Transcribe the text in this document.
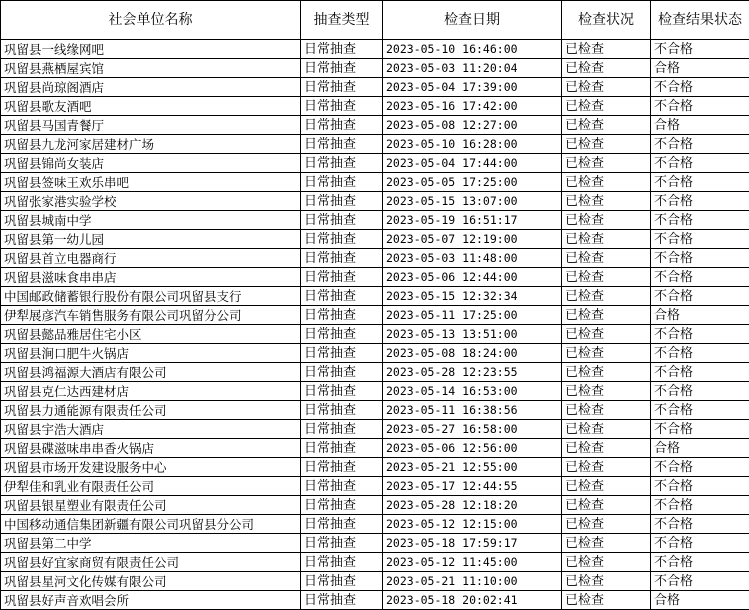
社会单位名称	抽查类型	检查日期	检查状况	检查结果状态
巩留县一线缘网吧	日常抽查	2023-05-10 16:46:00	已检查	不合格
巩留县燕栖屋宾馆	日常抽查	2023-05-03 11:20:04	已检查	合格
巩留县尚琼阁酒店	日常抽查	2023-05-04 17:39:00	已检查	不合格
巩留县歌友酒吧	日常抽查	2023-05-16 17:42:00	已检查	不合格
巩留县马国青餐厅	日常抽查	2023-05-08 12:27:00	已检查	合格
巩留县九龙河家居建材广场	日常抽查	2023-05-10 16:28:00	已检查	不合格
巩留县锦尚女装店	日常抽查	2023-05-04 17:44:00	已检查	不合格
巩留县签味王欢乐串吧	日常抽查	2023-05-05 17:25:00	已检查	不合格
巩留张家港实验学校	日常抽查	2023-05-15 13:07:00	已检查	不合格
巩留县城南中学	日常抽查	2023-05-19 16:51:17	已检查	不合格
巩留县第一幼儿园	日常抽查	2023-05-07 12:19:00	已检查	不合格
巩留县首立电器商行	日常抽查	2023-05-03 11:48:00	已检查	不合格
巩留县滋味食串串店	日常抽查	2023-05-06 12:44:00	已检查	不合格
中国邮政储蓄银行股份有限公司巩留县支行	日常抽查	2023-05-15 12:32:34	已检查	不合格
伊犁展彦汽车销售服务有限公司巩留分公司	日常抽查	2023-05-11 17:25:00	已检查	合格
巩留县懿品雅居住宅小区	日常抽查	2023-05-13 13:51:00	已检查	不合格
巩留县涧口肥牛火锅店	日常抽查	2023-05-08 18:24:00	已检查	不合格
巩留县鸿福源大酒店有限公司	日常抽查	2023-05-28 12:23:55	已检查	不合格
巩留县克仁达西建材店	日常抽查	2023-05-14 16:53:00	已检查	不合格
巩留县力通能源有限责任公司	日常抽查	2023-05-11 16:38:56	已检查	不合格
巩留县宇浩大酒店	日常抽查	2023-05-27 16:58:00	已检查	不合格
巩留县碟滋味串串香火锅店	日常抽查	2023-05-06 12:56:00	已检查	合格
巩留县市场开发建设服务中心	日常抽查	2023-05-21 12:55:00	已检查	不合格
伊犁佳和乳业有限责任公司	日常抽查	2023-05-17 12:44:55	已检查	不合格
巩留县银星塑业有限责任公司	日常抽查	2023-05-28 12:18:20	已检查	不合格
中国移动通信集团新疆有限公司巩留县分公司	日常抽查	2023-05-12 12:15:00	已检查	不合格
巩留县第二中学	日常抽查	2023-05-18 17:59:17	已检查	不合格
巩留县好宜家商贸有限责任公司	日常抽查	2023-05-12 11:45:00	已检查	不合格
巩留县星河文化传媒有限公司	日常抽查	2023-05-21 11:10:00	已检查	不合格
巩留县好声音欢唱会所	日常抽查	2023-05-18 20:02:41	已检查	合格
